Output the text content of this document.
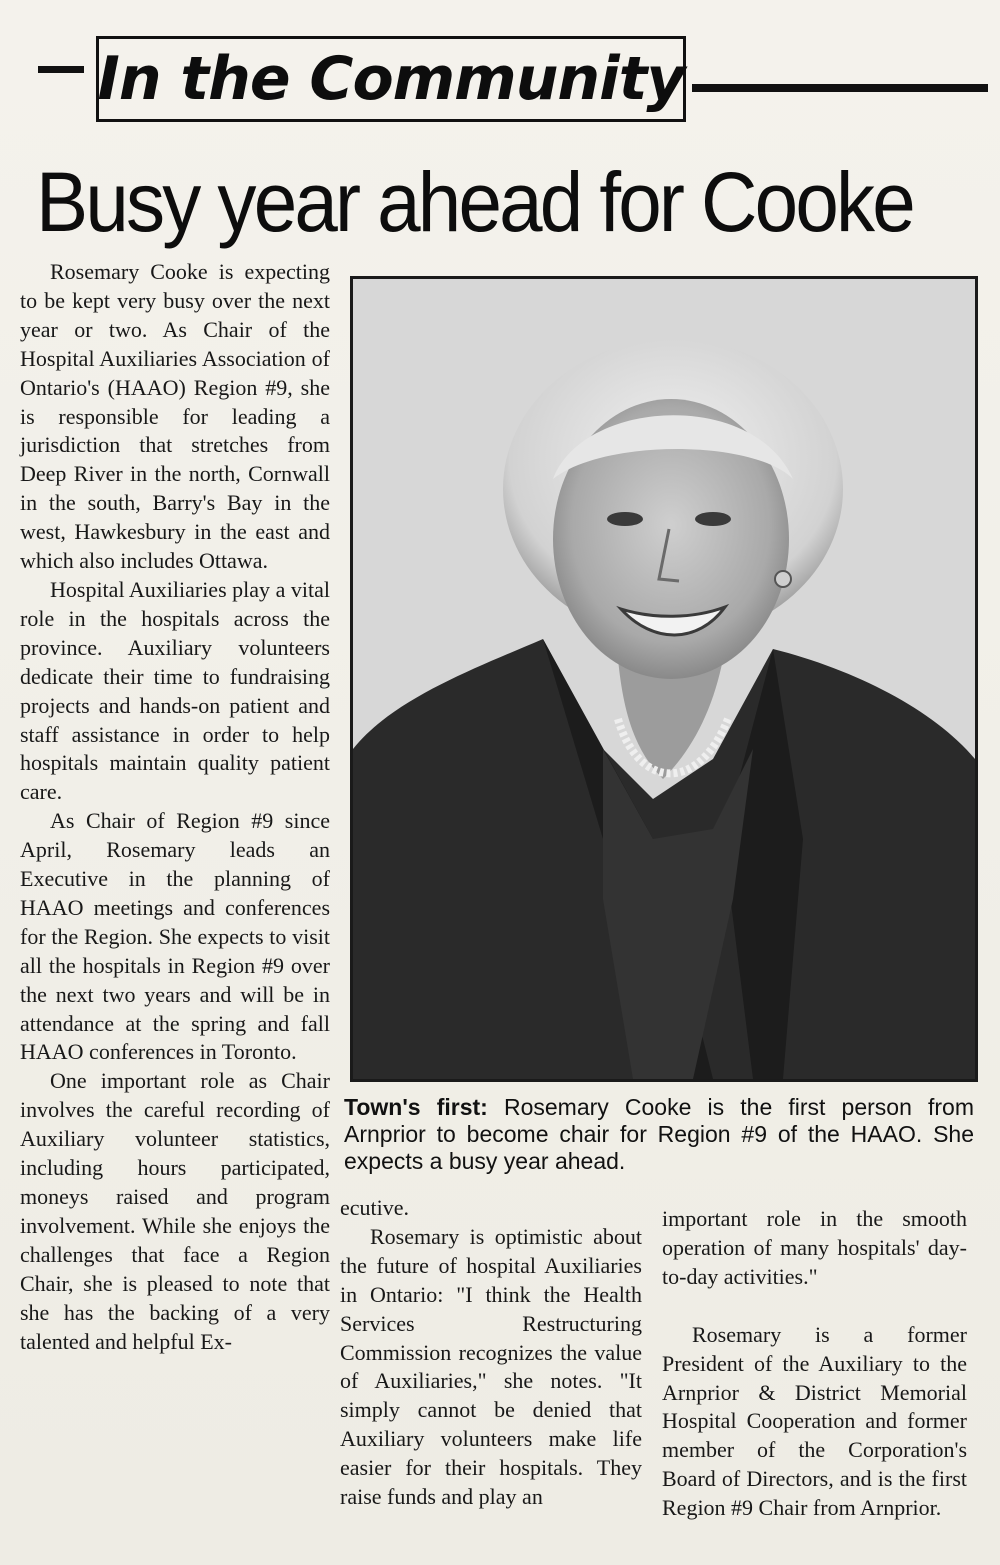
In the Community
Busy year ahead for Cooke
Town's first: Rosemary Cooke is the first person from Arnprior to become chair for Region #9 of the HAAO. She expects a busy year ahead.

Rosemary Cooke is expecting to be kept very busy over the next year or two. As Chair of the Hospital Auxiliaries Association of Ontario's (HAAO) Region #9, she is responsible for leading a jurisdiction that stretches from Deep River in the north, Cornwall in the south, Barry's Bay in the west, Hawkesbury in the east and which also includes Ottawa.

Hospital Auxiliaries play a vital role in the hospitals across the province. Auxiliary volunteers dedicate their time to fundraising projects and hands-on patient and staff assistance in order to help hospitals maintain quality patient care.

As Chair of Region #9 since April, Rosemary leads an Executive in the planning of HAAO meetings and conferences for the Region. She expects to visit all the hospitals in Region #9 over the next two years and will be in attendance at the spring and fall HAAO conferences in Toronto.

One important role as Chair involves the careful recording of Auxiliary volunteer statistics, including hours participated, moneys raised and program involvement. While she enjoys the challenges that face a Region Chair, she is pleased to note that she has the backing of a very talented and helpful Ex-

ecutive.

Rosemary is optimistic about the future of hospital Auxiliaries in Ontario: "I think the Health Services Restructuring Commission recognizes the value of Auxiliaries," she notes. "It simply cannot be denied that Auxiliary volunteers make life easier for their hospitals. They raise funds and play an

important role in the smooth operation of many hospitals' day-to-day activities."

Rosemary is a former President of the Auxiliary to the Arnprior & District Memorial Hospital Cooperation and former member of the Corporation's Board of Directors, and is the first Region #9 Chair from Arnprior.
